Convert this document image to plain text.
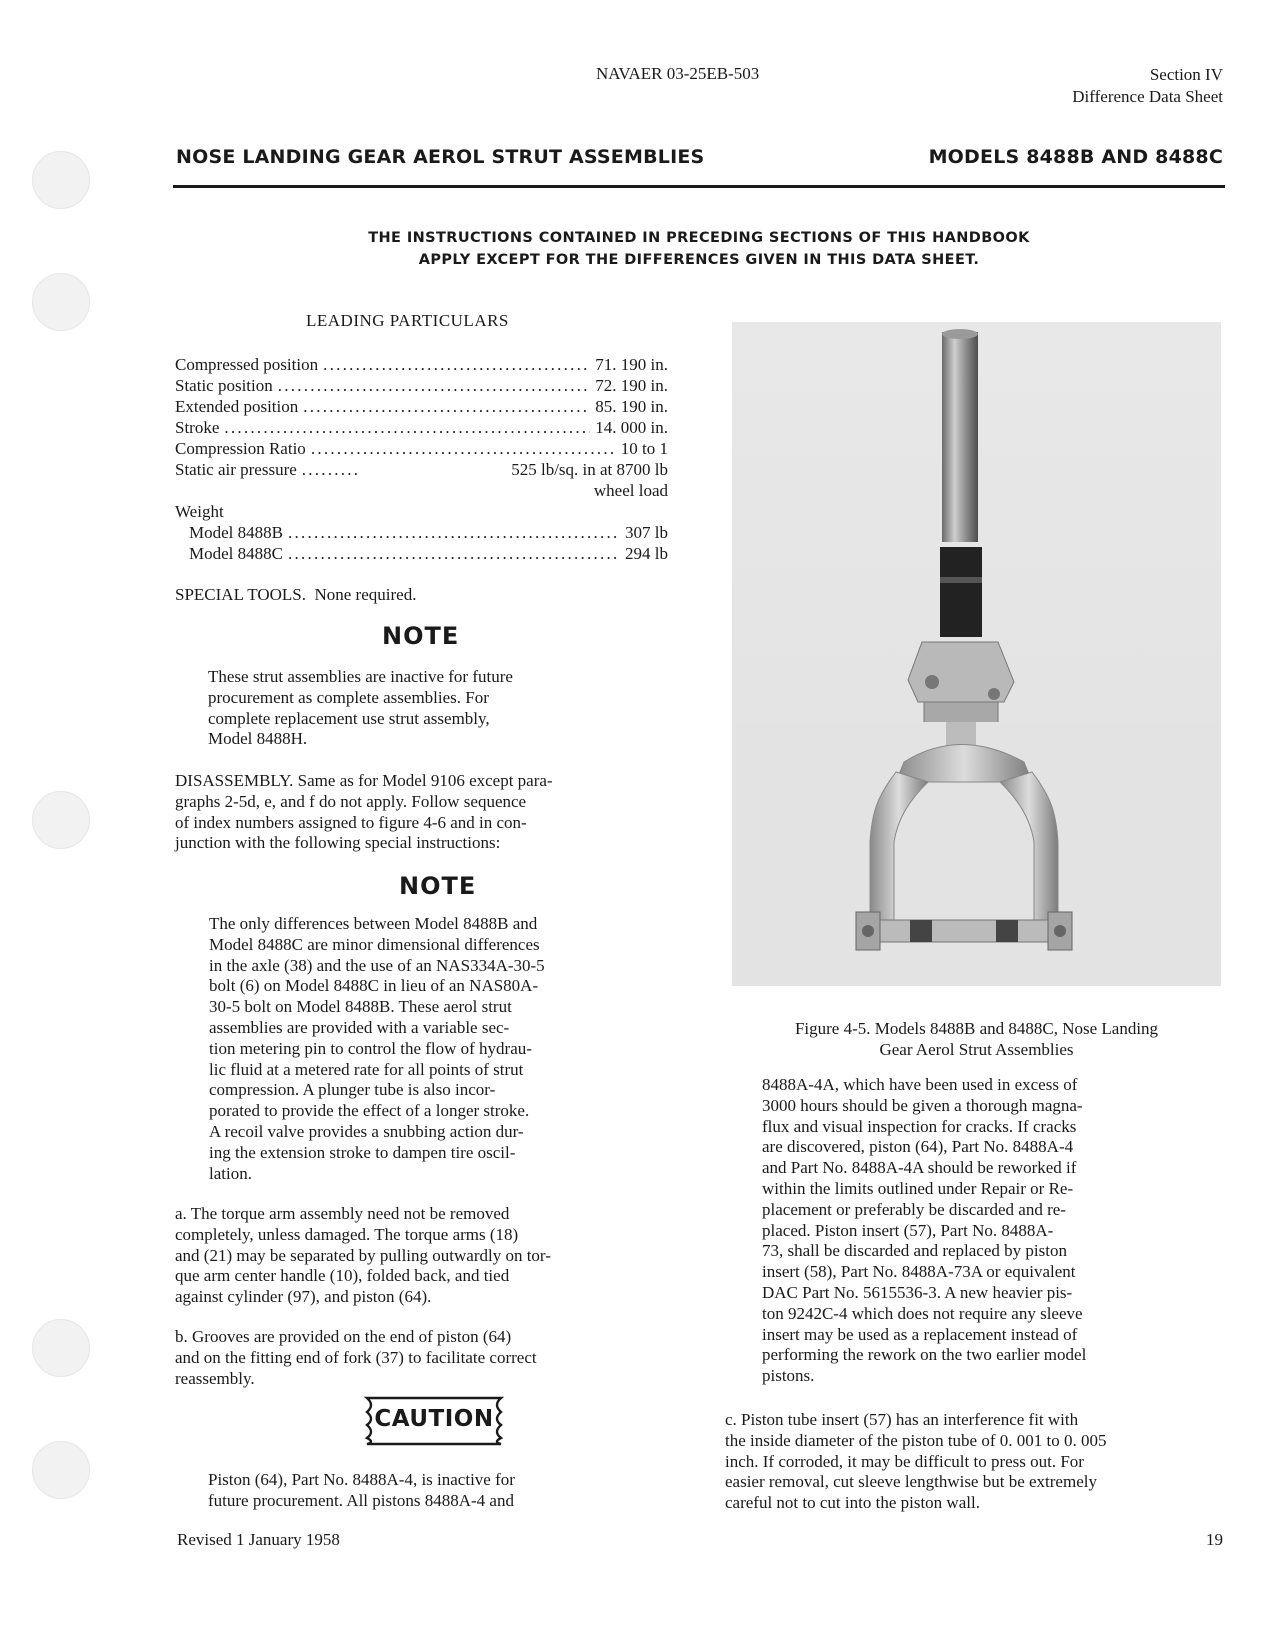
NAVAER 03-25EB-503	Section IV
Difference Data Sheet
NOSE LANDING GEAR AEROL STRUT ASSEMBLIES	MODELS 8488B AND 8488C
THE INSTRUCTIONS CONTAINED IN PRECEDING SECTIONS OF THIS HANDBOOK
APPLY EXCEPT FOR THE DIFFERENCES GIVEN IN THIS DATA SHEET.
LEADING PARTICULARS
Compressed position . . .	71. 190 in.
Static position . . .	72. 190 in.
Extended position . . .	85. 190 in.
Stroke . . .	14. 000 in.
Compression Ratio . . .	10 to 1
Static air pressure . . .	525 lb/sq. in at 8700 lb
wheel load
Weight
Model 8488B . . .	307 lb
Model 8488C . . .	294 lb
SPECIAL TOOLS.  None required.
NOTE
These strut assemblies are inactive for future
procurement as complete assemblies. For
complete replacement use strut assembly,
Model 8488H.
DISASSEMBLY. Same as for Model 9106 except para-
graphs 2-5d, e, and f do not apply. Follow sequence
of index numbers assigned to figure 4-6 and in con-
junction with the following special instructions:
NOTE
The only differences between Model 8488B and
Model 8488C are minor dimensional differences
in the axle (38) and the use of an NAS334A-30-5
bolt (6) on Model 8488C in lieu of an NAS80A-
30-5 bolt on Model 8488B. These aerol strut
assemblies are provided with a variable sec-
tion metering pin to control the flow of hydrau-
lic fluid at a metered rate for all points of strut
compression. A plunger tube is also incor-
porated to provide the effect of a longer stroke.
A recoil valve provides a snubbing action dur-
ing the extension stroke to dampen tire oscil-
lation.
a. The torque arm assembly need not be removed
completely, unless damaged. The torque arms (18)
and (21) may be separated by pulling outwardly on tor-
que arm center handle (10), folded back, and tied
against cylinder (97), and piston (64).
b. Grooves are provided on the end of piston (64)
and on the fitting end of fork (37) to facilitate correct
reassembly.
CAUTION
Piston (64), Part No. 8488A-4, is inactive for
future procurement. All pistons 8488A-4 and
Figure 4-5. Models 8488B and 8488C, Nose Landing
Gear Aerol Strut Assemblies
8488A-4A, which have been used in excess of
3000 hours should be given a thorough magna-
flux and visual inspection for cracks. If cracks
are discovered, piston (64), Part No. 8488A-4
and Part No. 8488A-4A should be reworked if
within the limits outlined under Repair or Re-
placement or preferably be discarded and re-
placed. Piston insert (57), Part No. 8488A-
73, shall be discarded and replaced by piston
insert (58), Part No. 8488A-73A or equivalent
DAC Part No. 5615536-3. A new heavier pis-
ton 9242C-4 which does not require any sleeve
insert may be used as a replacement instead of
performing the rework on the two earlier model
pistons.
c. Piston tube insert (57) has an interference fit with
the inside diameter of the piston tube of 0. 001 to 0. 005
inch. If corroded, it may be difficult to press out. For
easier removal, cut sleeve lengthwise but be extremely
careful not to cut into the piston wall.
Revised 1 January 1958	19
